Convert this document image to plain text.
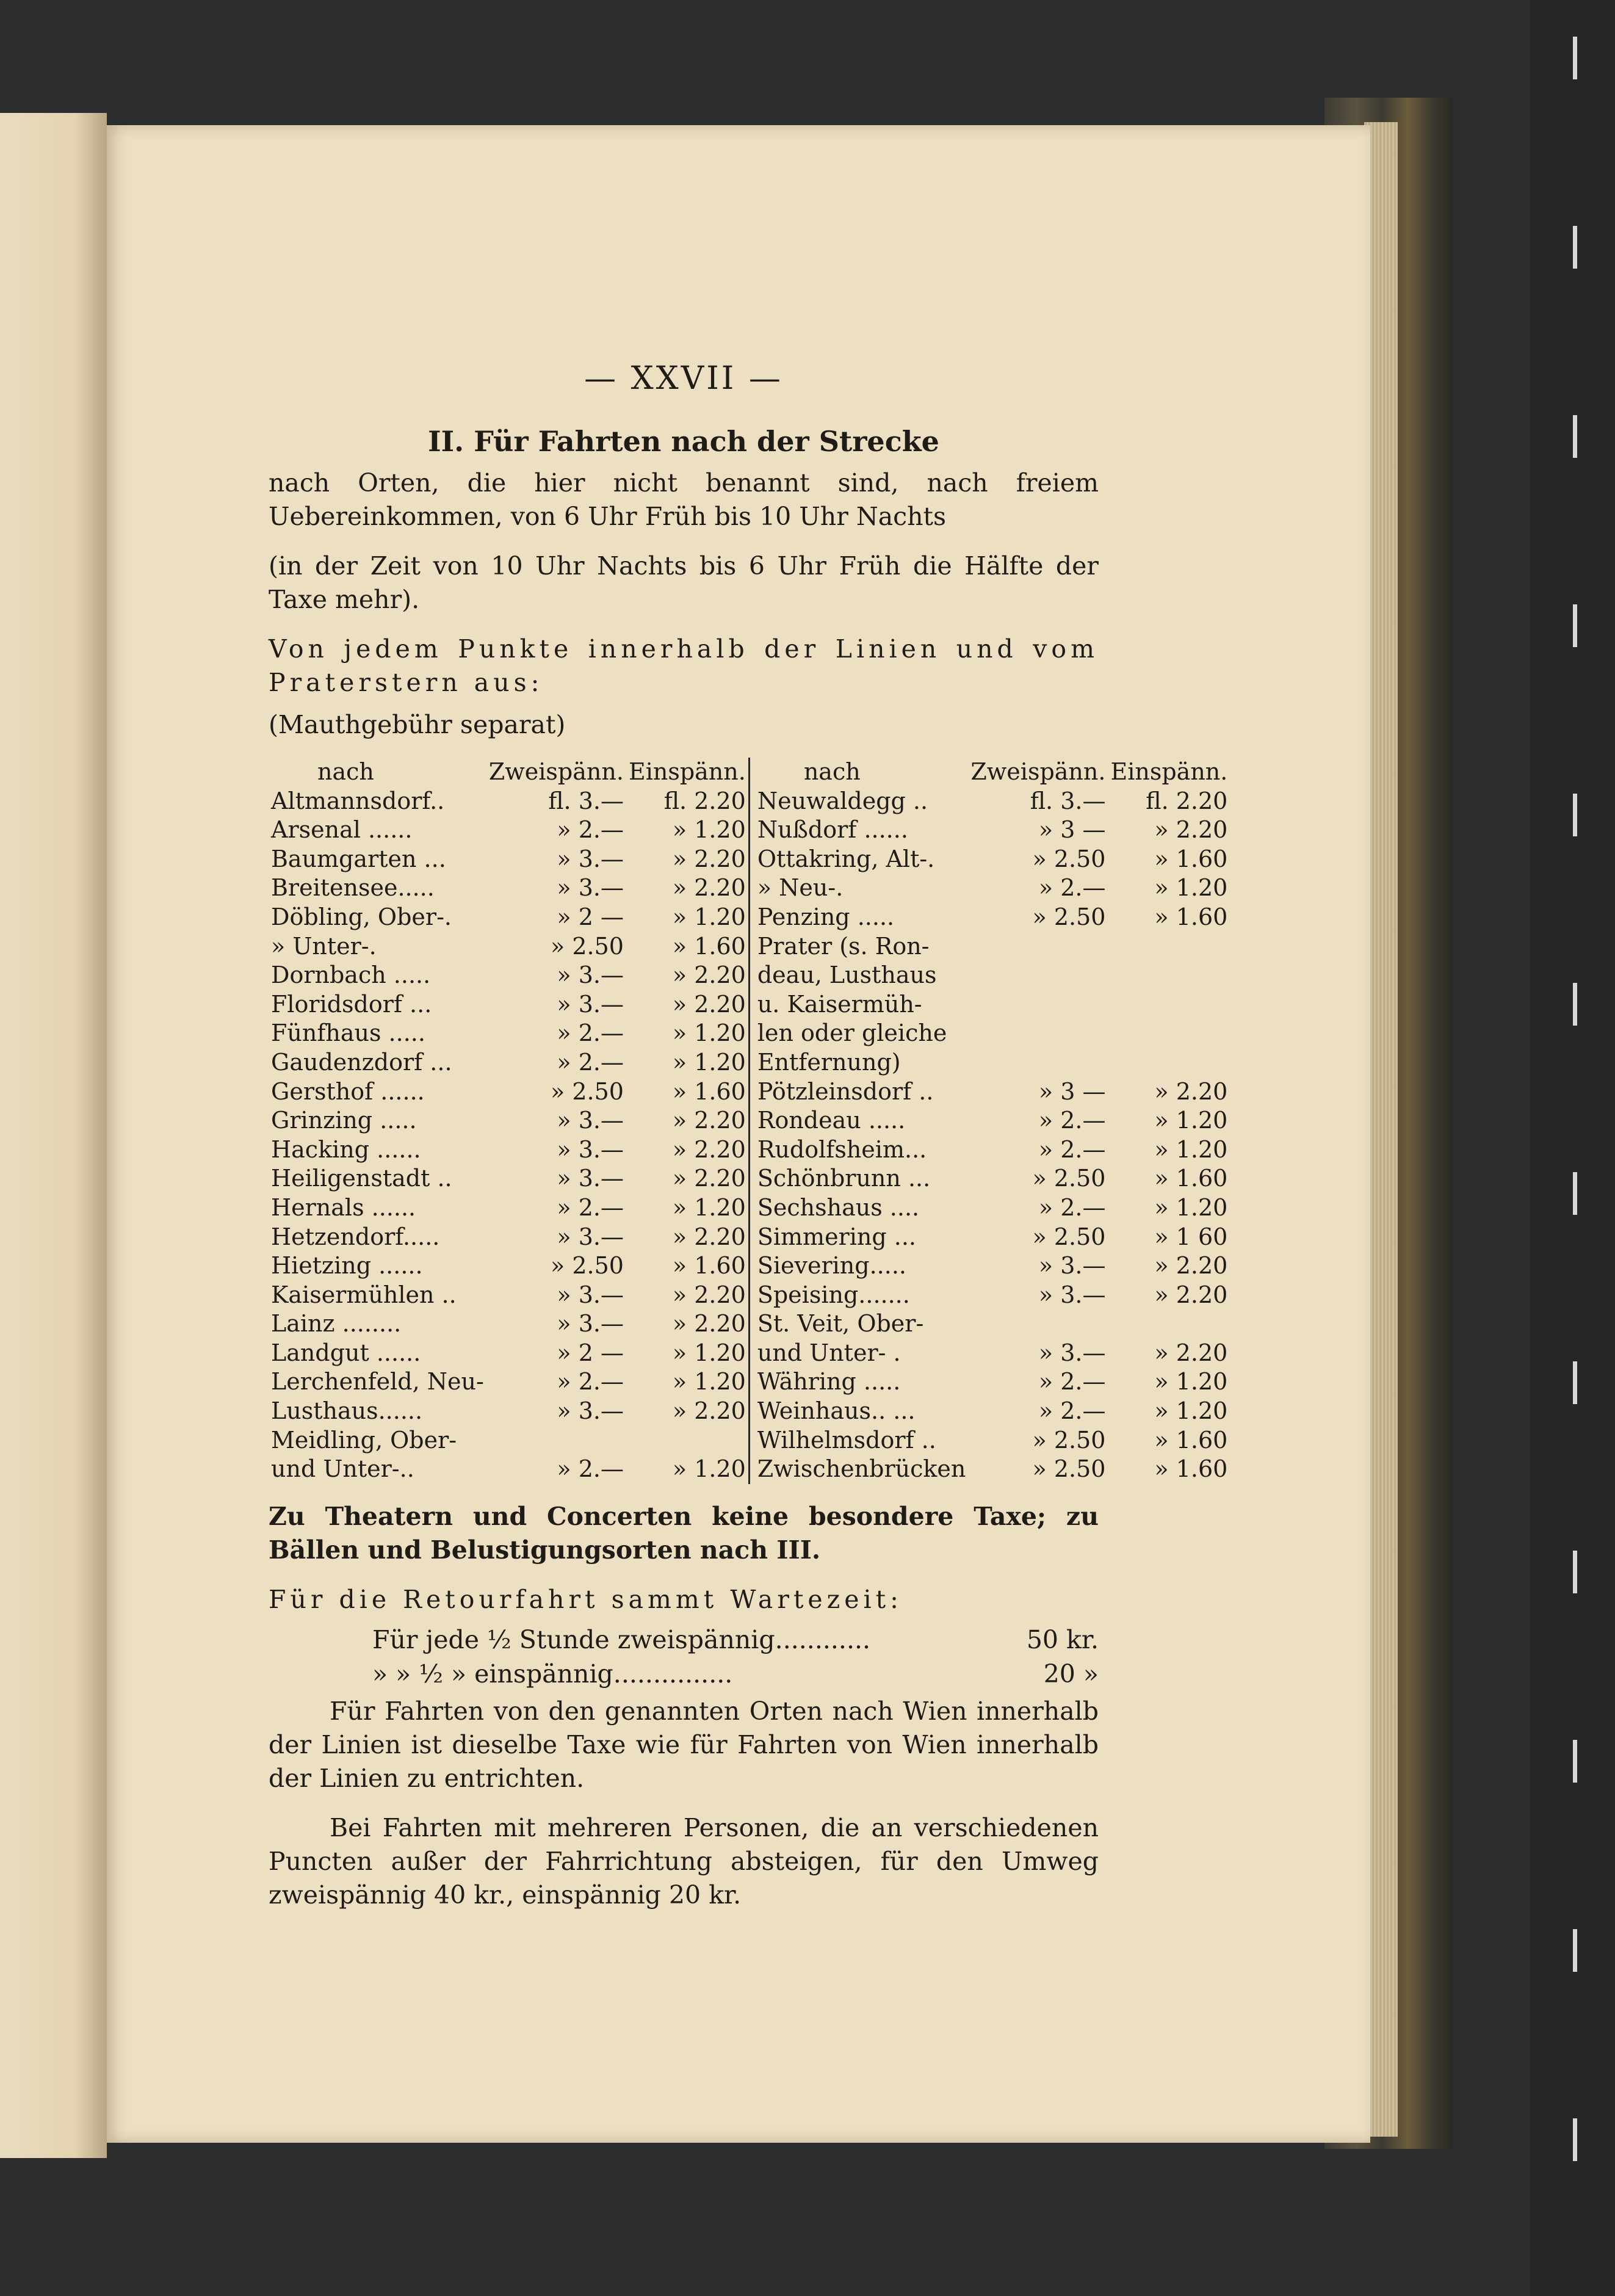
— XXVII —
II. Für Fahrten nach der Strecke
nach Orten, die hier nicht benannt sind, nach freiem Uebereinkommen, von 6 Uhr Früh bis 10 Uhr Nachts
(in der Zeit von 10 Uhr Nachts bis 6 Uhr Früh die Hälfte der Taxe mehr).
Von jedem Punkte innerhalb der Linien und vom Praterstern aus:
(Mauthgebühr separat)
nach	Zweispänn.	Einspänn.		nach	Zweispänn.	Einspänn.
Altmannsdorf..	fl. 3.—	fl. 2.20		Neuwaldegg ..	fl. 3.—	fl. 2.20
Arsenal ......	» 2.—	» 1.20		Nußdorf ......	» 3 —	» 2.20
Baumgarten ...	» 3.—	» 2.20		Ottakring, Alt-.	» 2.50	» 1.60
Breitensee.....	» 3.—	» 2.20		» Neu-.	» 2.—	» 1.20
Döbling, Ober-.	» 2 —	» 1.20		Penzing .....	» 2.50	» 1.60
» Unter-.	» 2.50	» 1.60		Prater (s. Ron-		
Dornbach .....	» 3.—	» 2.20		deau, Lusthaus		
Floridsdorf ...	» 3.—	» 2.20		u. Kaisermüh-		
Fünfhaus .....	» 2.—	» 1.20		len oder gleiche		
Gaudenzdorf ...	» 2.—	» 1.20		Entfernung)		
Gersthof ......	» 2.50	» 1.60		Pötzleinsdorf ..	» 3 —	» 2.20
Grinzing .....	» 3.—	» 2.20		Rondeau .....	» 2.—	» 1.20
Hacking ......	» 3.—	» 2.20		Rudolfsheim...	» 2.—	» 1.20
Heiligenstadt ..	» 3.—	» 2.20		Schönbrunn ...	» 2.50	» 1.60
Hernals ......	» 2.—	» 1.20		Sechshaus ....	» 2.—	» 1.20
Hetzendorf.....	» 3.—	» 2.20		Simmering ...	» 2.50	» 1 60
Hietzing ......	» 2.50	» 1.60		Sievering.....	» 3.—	» 2.20
Kaisermühlen ..	» 3.—	» 2.20		Speising.......	» 3.—	» 2.20
Lainz ........	» 3.—	» 2.20		St. Veit, Ober-		
Landgut ......	» 2 —	» 1.20		und Unter- .	» 3.—	» 2.20
Lerchenfeld, Neu-	» 2.—	» 1.20		Währing .....	» 2.—	» 1.20
Lusthaus......	» 3.—	» 2.20		Weinhaus.. ...	» 2.—	» 1.20
Meidling, Ober-				Wilhelmsdorf ..	» 2.50	» 1.60
und Unter-..	» 2.—	» 1.20		Zwischenbrücken	» 2.50	» 1.60
Zu Theatern und Concerten keine besondere Taxe; zu Bällen und Belustigungsorten nach III.
Für die Retourfahrt sammt Wartezeit:
Für jede ½ Stunde zweispännig............	50 kr.
» » ½ » einspännig...............	20 »
Für Fahrten von den genannten Orten nach Wien innerhalb der Linien ist dieselbe Taxe wie für Fahrten von Wien innerhalb der Linien zu entrichten.
Bei Fahrten mit mehreren Personen, die an verschiedenen Puncten außer der Fahrrichtung absteigen, für den Umweg zweispännig 40 kr., einspännig 20 kr.
